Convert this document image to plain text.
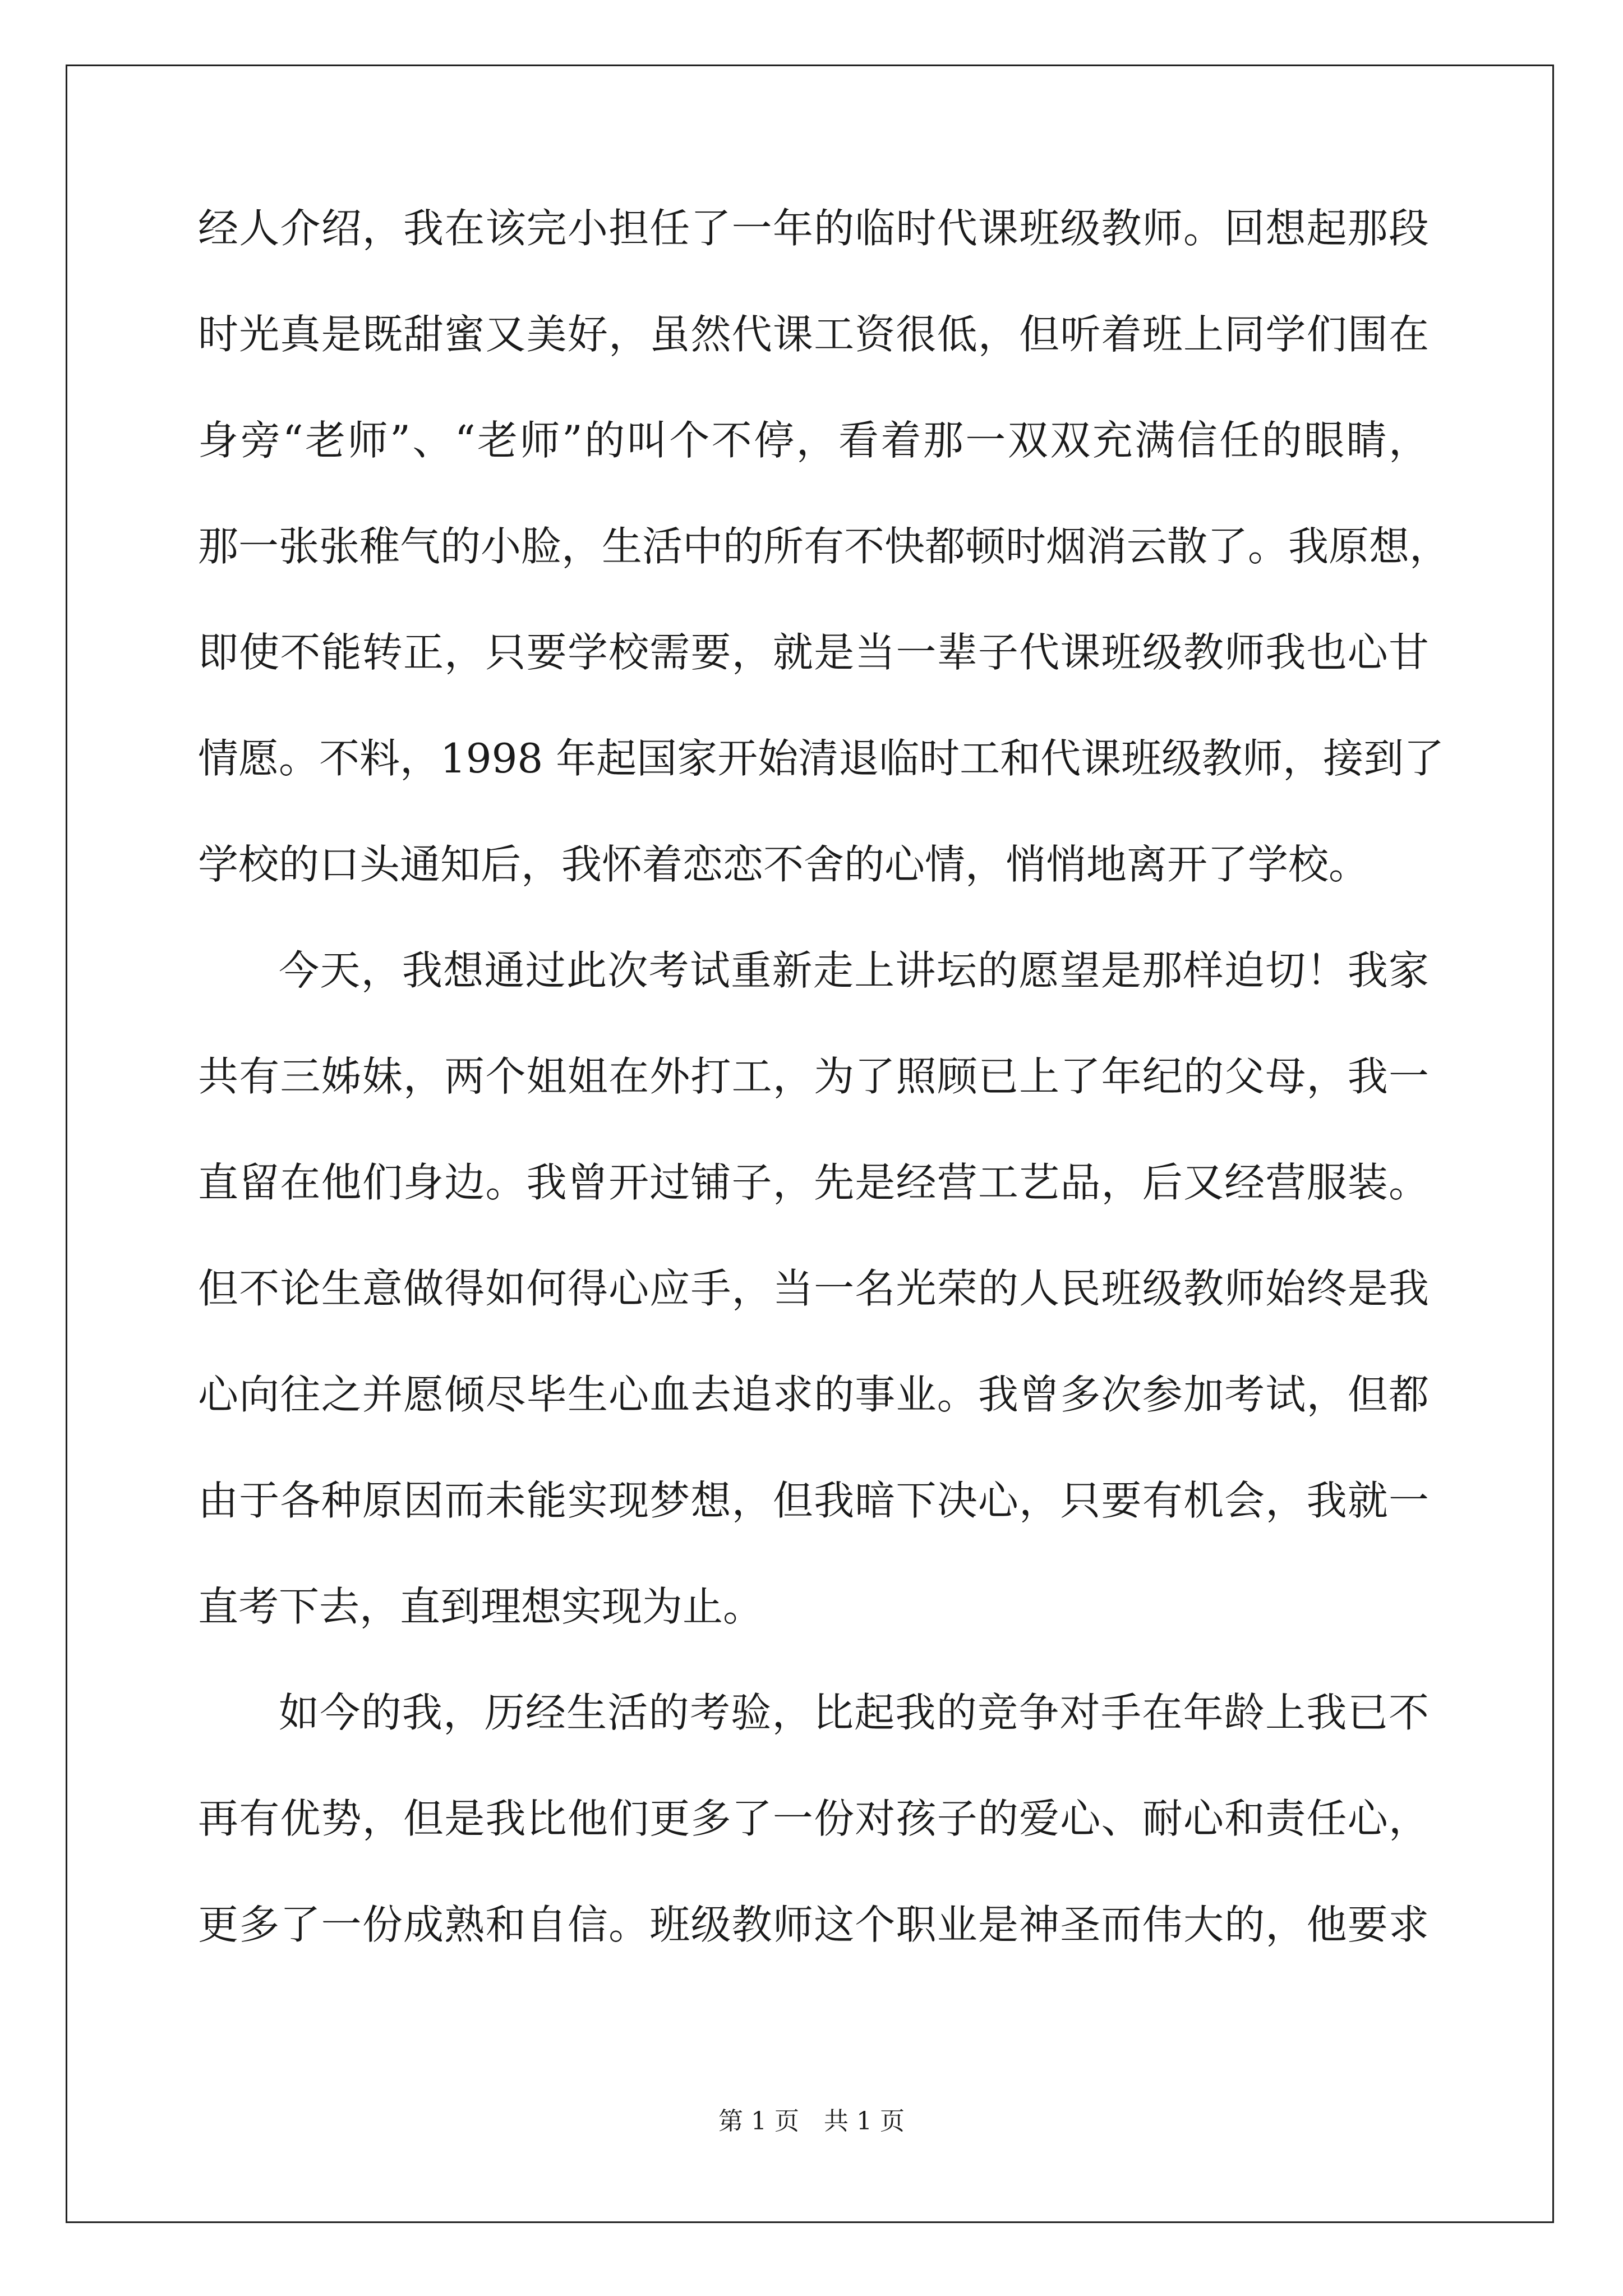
经人介绍，我在该完小担任了一年的临时代课班级教师。回想起那段
时光真是既甜蜜又美好，虽然代课工资很低，但听着班上同学们围在
身旁“老师”、“老师”的叫个不停，看着那一双双充满信任的眼睛，
那一张张稚气的小脸，生活中的所有不快都顿时烟消云散了。我原想，
即使不能转正，只要学校需要，就是当一辈子代课班级教师我也心甘
情愿。不料，1998 年起国家开始清退临时工和代课班级教师，接到了
学校的口头通知后，我怀着恋恋不舍的心情，悄悄地离开了学校。
今天，我想通过此次考试重新走上讲坛的愿望是那样迫切！我家
共有三姊妹，两个姐姐在外打工，为了照顾已上了年纪的父母，我一
直留在他们身边。我曾开过铺子，先是经营工艺品，后又经营服装。
但不论生意做得如何得心应手，当一名光荣的人民班级教师始终是我
心向往之并愿倾尽毕生心血去追求的事业。我曾多次参加考试，但都
由于各种原因而未能实现梦想，但我暗下决心，只要有机会，我就一
直考下去，直到理想实现为止。
如今的我，历经生活的考验，比起我的竞争对手在年龄上我已不
再有优势，但是我比他们更多了一份对孩子的爱心、耐心和责任心，
更多了一份成熟和自信。班级教师这个职业是神圣而伟大的，他要求
第 1 页　共 1 页
